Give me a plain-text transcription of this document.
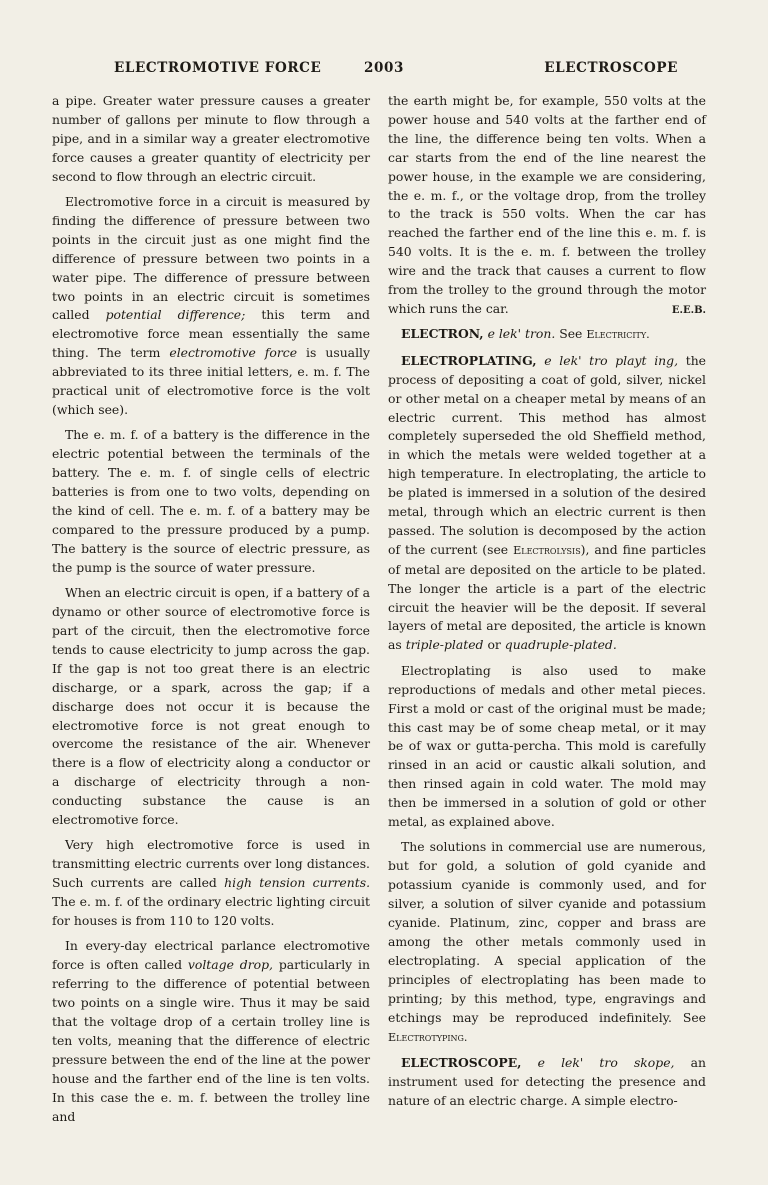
ELECTROMOTIVE FORCE	2003	ELECTROSCOPE

a pipe. Greater water pressure causes a greater number of gallons per minute to flow through a pipe, and in a similar way a greater electromotive force causes a greater quantity of electricity per second to flow through an electric circuit.

Electromotive force in a circuit is measured by finding the difference of pressure between two points in the circuit just as one might find the difference of pressure between two points in a water pipe. The difference of pressure between two points in an electric circuit is sometimes called potential difference; this term and electromotive force mean essentially the same thing. The term electromotive force is usually abbreviated to its three initial letters, e. m. f. The practical unit of electromotive force is the volt (which see).

The e. m. f. of a battery is the difference in the electric potential between the terminals of the battery. The e. m. f. of single cells of electric batteries is from one to two volts, depending on the kind of cell. The e. m. f. of a battery may be compared to the pressure produced by a pump. The battery is the source of electric pressure, as the pump is the source of water pressure.

When an electric circuit is open, if a battery of a dynamo or other source of electromotive force is part of the circuit, then the electromotive force tends to cause electricity to jump across the gap. If the gap is not too great there is an electric discharge, or a spark, across the gap; if a discharge does not occur it is because the electromotive force is not great enough to overcome the resistance of the air. Whenever there is a flow of electricity along a conductor or a discharge of electricity through a non-conducting substance the cause is an electromotive force.

Very high electromotive force is used in transmitting electric currents over long distances. Such currents are called high tension currents. The e. m. f. of the ordinary electric lighting circuit for houses is from 110 to 120 volts.

In every-day electrical parlance electromotive force is often called voltage drop, particularly in referring to the difference of potential between two points on a single wire. Thus it may be said that the voltage drop of a certain trolley line is ten volts, meaning that the difference of electric pressure between the end of the line at the power house and the farther end of the line is ten volts. In this case the e. m. f. between the trolley line and

the earth might be, for example, 550 volts at the power house and 540 volts at the farther end of the line, the difference being ten volts. When a car starts from the end of the line nearest the power house, in the example we are considering, the e. m. f., or the voltage drop, from the trolley to the track is 550 volts. When the car has reached the farther end of the line this e. m. f. is 540 volts. It is the e. m. f. between the trolley wire and the track that causes a current to flow from the trolley to the ground through the motor which runs the car.	E.E.B.

ELECTRON, e lek' tron. See Electricity.

ELECTROPLATING, e lek' tro playt ing, the process of depositing a coat of gold, silver, nickel or other metal on a cheaper metal by means of an electric current. This method has almost completely superseded the old Sheffield method, in which the metals were welded together at a high temperature. In electroplating, the article to be plated is immersed in a solution of the desired metal, through which an electric current is then passed. The solution is decomposed by the action of the current (see Electrolysis), and fine particles of metal are deposited on the article to be plated. The longer the article is a part of the electric circuit the heavier will be the deposit. If several layers of metal are deposited, the article is known as triple-plated or quadruple-plated.

Electroplating is also used to make reproductions of medals and other metal pieces. First a mold or cast of the original must be made; this cast may be of some cheap metal, or it may be of wax or gutta-percha. This mold is carefully rinsed in an acid or caustic alkali solution, and then rinsed again in cold water. The mold may then be immersed in a solution of gold or other metal, as explained above.

The solutions in commercial use are numerous, but for gold, a solution of gold cyanide and potassium cyanide is commonly used, and for silver, a solution of silver cyanide and potassium cyanide. Platinum, zinc, copper and brass are among the other metals commonly used in electroplating. A special application of the principles of electroplating has been made to printing; by this method, type, engravings and etchings may be reproduced indefinitely. See Electrotyping.

ELECTROSCOPE, e lek' tro skope, an instrument used for detecting the presence and nature of an electric charge. A simple electro-
